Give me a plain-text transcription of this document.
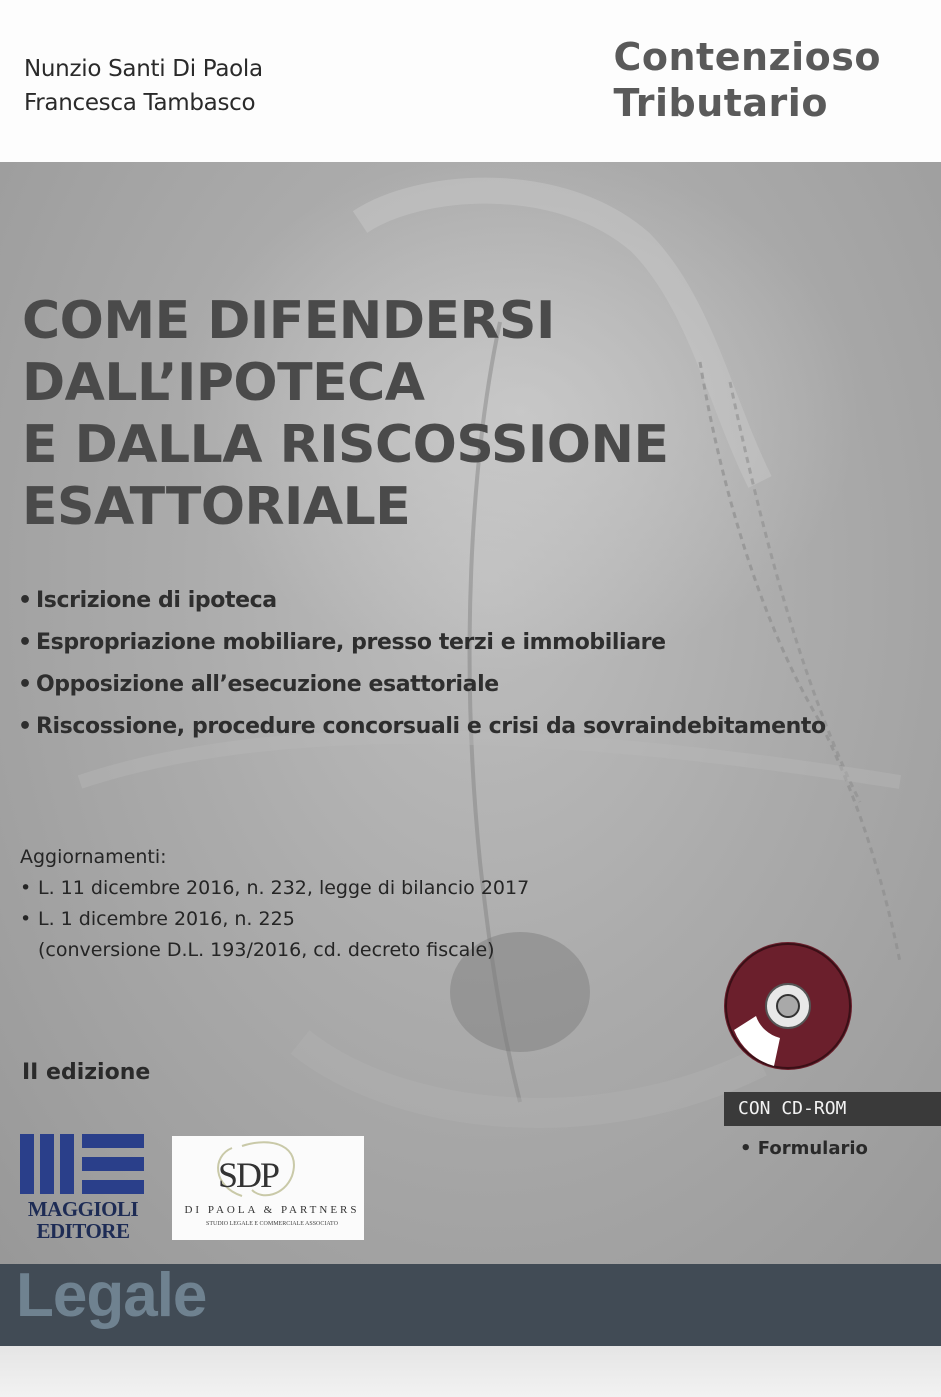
Nunzio Santi Di Paola
Francesca Tambasco
Contenzioso
Tributario
COME DIFENDERSI
DALL’IPOTECA
E DALLA RISCOSSIONE
ESATTORIALE
• Iscrizione di ipoteca
• Espropriazione mobiliare, presso terzi e immobiliare
• Opposizione all’esecuzione esattoriale
• Riscossione, procedure concorsuali e crisi da sovraindebitamento
Aggiornamenti:
• L. 11 dicembre 2016, n. 232, legge di bilancio 2017
• L. 1 dicembre 2016, n. 225
(conversione D.L. 193/2016, cd. decreto fiscale)
II edizione
CON CD-ROM
• Formulario
MAGGIOLI
EDITORE
SDP
DI PAOLA & PARTNERS
STUDIO LEGALE E COMMERCIALE ASSOCIATO
Legale
